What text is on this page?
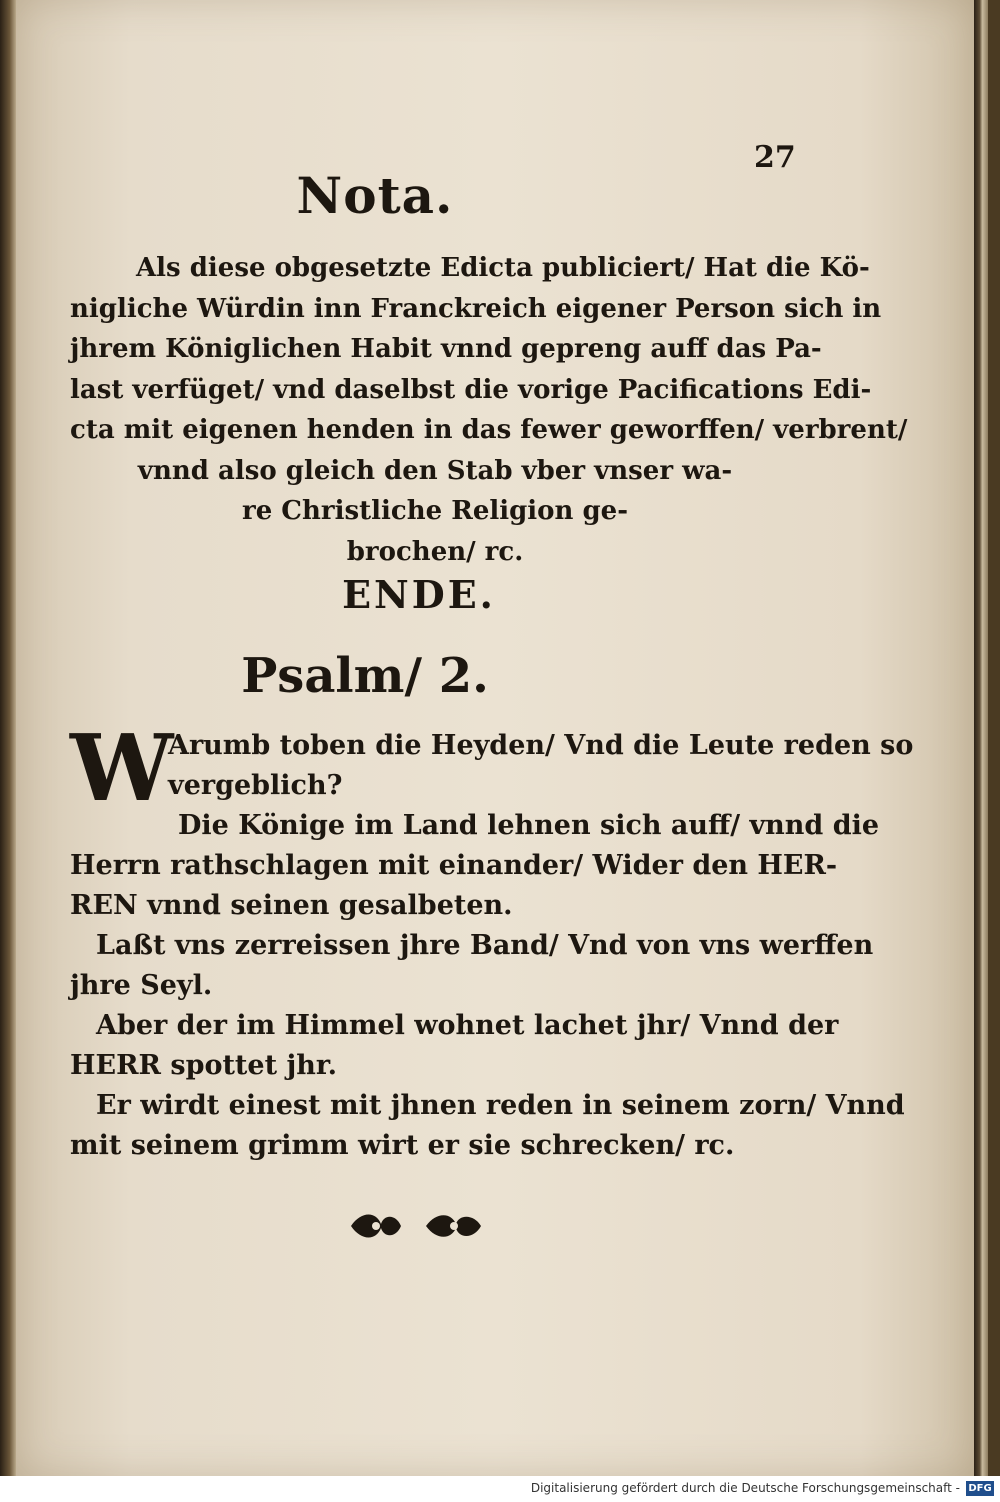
27
Nota.
Als diese obgesetzte Edicta publiciert/ Hat die Kö-
nigliche Würdin inn Franckreich eigener Person sich in
jhrem Königlichen Habit vnnd gepreng auff das Pa-
last verfüget/ vnd daselbst die vorige Pacifications Edi-
cta mit eigenen henden in das fewer geworffen/ verbrent/
vnnd also gleich den Stab vber vnser wa-
re Christliche Religion ge-
brochen/ rc.
ENDE.
Psalm/ 2.
W
Arumb toben die Heyden/ Vnd die Leute reden so
vergeblich?
Die Könige im Land lehnen sich auff/ vnnd die
Herrn rathschlagen mit einander/ Wider den HER-
REN vnnd seinen gesalbeten.
Laßt vns zerreissen jhre Band/ Vnd von vns werffen
jhre Seyl.
Aber der im Himmel wohnet lachet jhr/ Vnnd der
HERR spottet jhr.
Er wirdt einest mit jhnen reden in seinem zorn/ Vnnd
mit seinem grimm wirt er sie schrecken/ rc.
Digitalisierung gefördert durch die Deutsche Forschungsgemeinschaft - DFG
